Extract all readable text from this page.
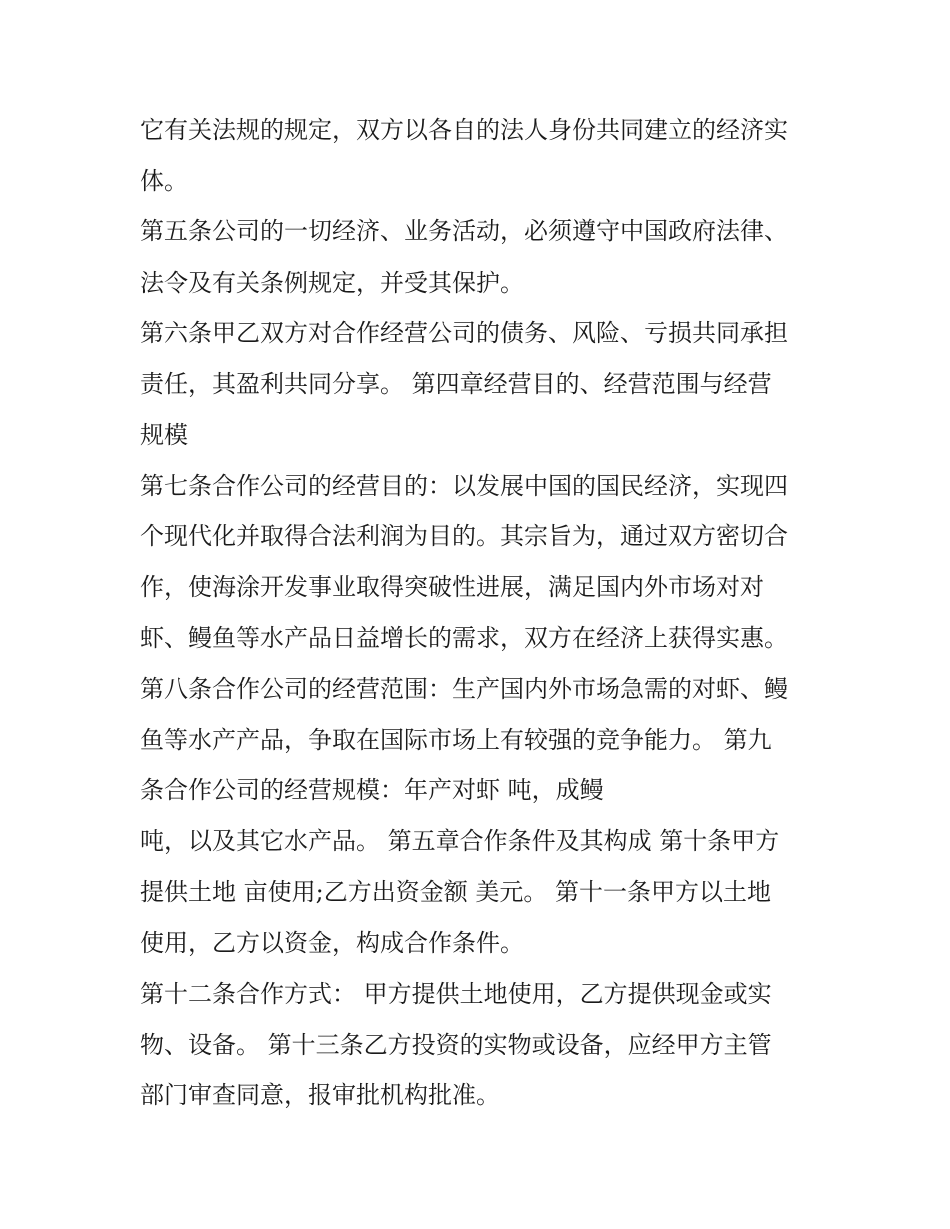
它有关法规的规定，双方以各自的法人身份共同建立的经济实

体。

第五条公司的一切经济、业务活动，必须遵守中国政府法律、

法令及有关条例规定，并受其保护。

第六条甲乙双方对合作经营公司的债务、风险、亏损共同承担

责任，其盈利共同分享。 第四章经营目的、经营范围与经营

规模

第七条合作公司的经营目的：以发展中国的国民经济，实现四

个现代化并取得合法利润为目的。其宗旨为，通过双方密切合

作，使海涂开发事业取得突破性进展，满足国内外市场对对

虾、鳗鱼等水产品日益增长的需求，双方在经济上获得实惠。

第八条合作公司的经营范围：生产国内外市场急需的对虾、鳗

鱼等水产产品，争取在国际市场上有较强的竞争能力。 第九

条合作公司的经营规模：年产对虾 吨，成鳗

吨，以及其它水产品。 第五章合作条件及其构成 第十条甲方

提供土地 亩使用;乙方出资金额 美元。 第十一条甲方以土地

使用，乙方以资金，构成合作条件。

第十二条合作方式： 甲方提供土地使用，乙方提供现金或实

物、设备。 第十三条乙方投资的实物或设备，应经甲方主管

部门审查同意，报审批机构批准。
